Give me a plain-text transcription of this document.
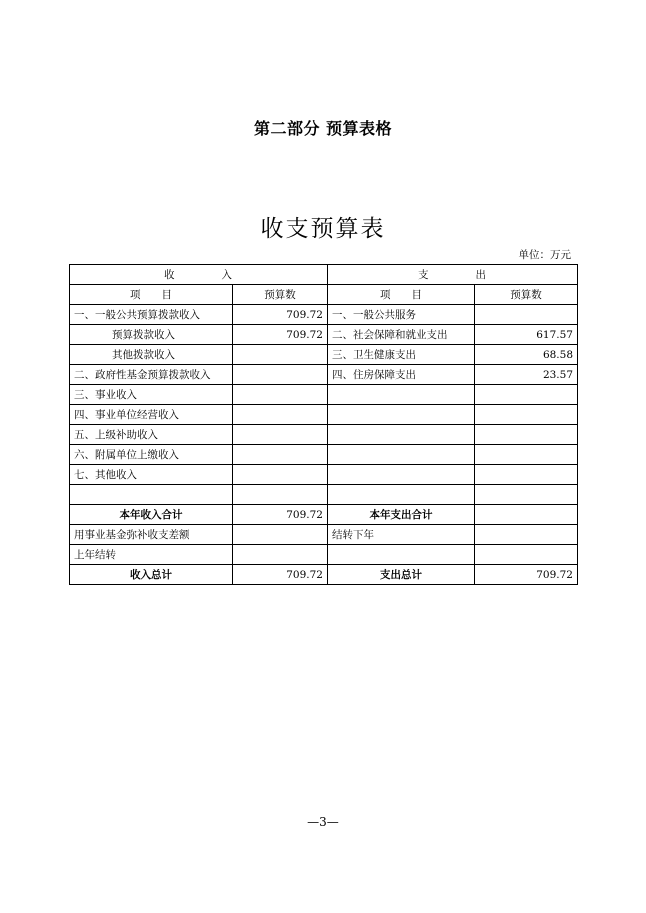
第二部分 预算表格
收支预算表
单位：万元
收　　　　入		支　　　　出	
项　　目	预算数	项　　目	预算数
一、一般公共预算拨款收入	709.72	一、一般公共服务	
预算拨款收入	709.72	二、社会保障和就业支出	617.57
其他拨款收入		三、卫生健康支出	68.58
二、政府性基金预算拨款收入		四、住房保障支出	23.57
三、事业收入			
四、事业单位经营收入			
五、上级补助收入			
六、附属单位上缴收入			
七、其他收入			

本年收入合计	709.72	本年支出合计	
用事业基金弥补收支差额		结转下年	
上年结转			
收入总计	709.72	支出总计	709.72
—3—
